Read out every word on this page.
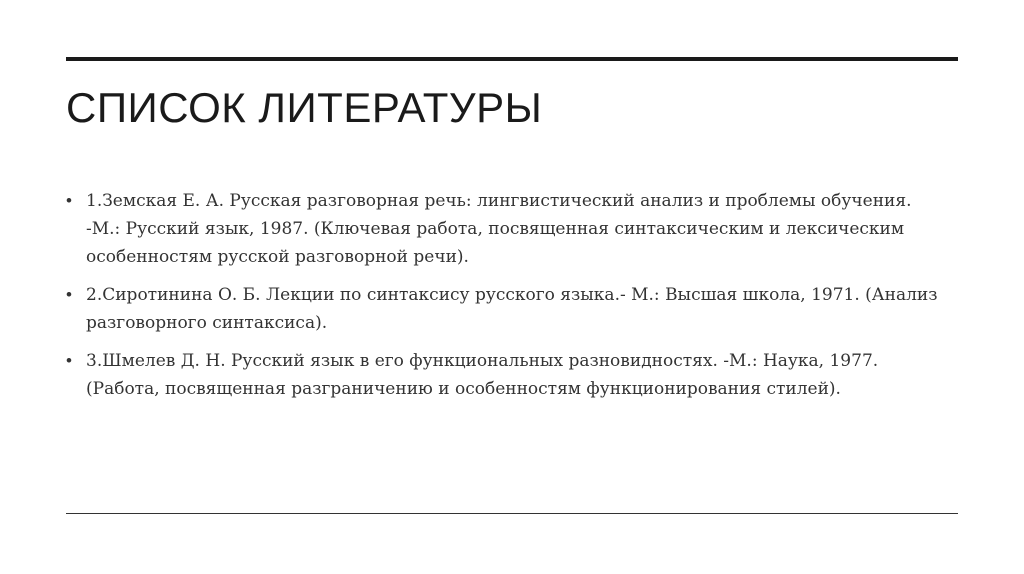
СПИСОК ЛИТЕРАТУРЫ
• 1.Земская Е. А. Русская разговорная речь: лингвистический анализ и проблемы обучения. -М.: Русский язык, 1987. (Ключевая работа, посвященная синтаксическим и лексическим особенностям русской разговорной речи).
• 2.Сиротинина О. Б. Лекции по синтаксису русского языка.- М.: Высшая школа, 1971. (Анализ разговорного синтаксиса).
• 3.Шмелев Д. Н. Русский язык в его функциональных разновидностях. -М.: Наука, 1977. (Работа, посвященная разграничению и особенностям функционирования стилей).
